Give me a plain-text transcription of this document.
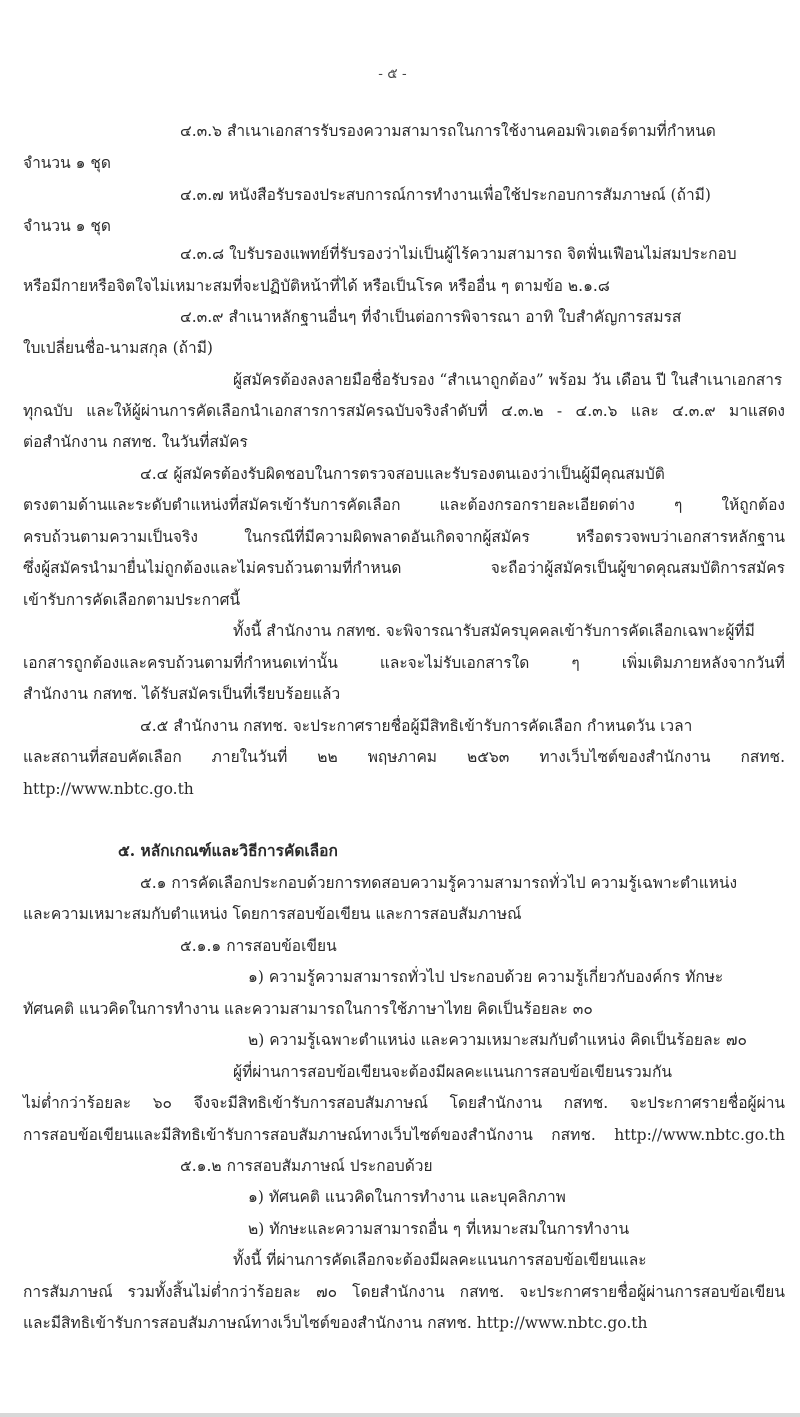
- ๕ -
๔.๓.๖ สำเนาเอกสารรับรองความสามารถในการใช้งานคอมพิวเตอร์ตามที่กำหนด
จำนวน ๑ ชุด
๔.๓.๗ หนังสือรับรองประสบการณ์การทำงานเพื่อใช้ประกอบการสัมภาษณ์ (ถ้ามี)
จำนวน ๑ ชุด
๔.๓.๘ ใบรับรองแพทย์ที่รับรองว่าไม่เป็นผู้ไร้ความสามารถ จิตฟั่นเฟือนไม่สมประกอบ
หรือมีกายหรือจิตใจไม่เหมาะสมที่จะปฏิบัติหน้าที่ได้ หรือเป็นโรค หรืออื่น ๆ ตามข้อ ๒.๑.๘
๔.๓.๙ สำเนาหลักฐานอื่นๆ ที่จำเป็นต่อการพิจารณา อาทิ ใบสำคัญการสมรส
ใบเปลี่ยนชื่อ-นามสกุล (ถ้ามี)
ผู้สมัครต้องลงลายมือชื่อรับรอง “สำเนาถูกต้อง” พร้อม วัน เดือน ปี ในสำเนาเอกสาร
ทุกฉบับ และให้ผู้ผ่านการคัดเลือกนำเอกสารการสมัครฉบับจริงลำดับที่ ๔.๓.๒ - ๔.๓.๖ และ ๔.๓.๙ มาแสดง
ต่อสำนักงาน กสทช. ในวันที่สมัคร
๔.๔ ผู้สมัครต้องรับผิดชอบในการตรวจสอบและรับรองตนเองว่าเป็นผู้มีคุณสมบัติ
ตรงตามด้านและระดับตำแหน่งที่สมัครเข้ารับการคัดเลือก และต้องกรอกรายละเอียดต่าง ๆ ให้ถูกต้อง
ครบถ้วนตามความเป็นจริง ในกรณีที่มีความผิดพลาดอันเกิดจากผู้สมัคร หรือตรวจพบว่าเอกสารหลักฐาน
ซึ่งผู้สมัครนำมายื่นไม่ถูกต้องและไม่ครบถ้วนตามที่กำหนด จะถือว่าผู้สมัครเป็นผู้ขาดคุณสมบัติการสมัคร
เข้ารับการคัดเลือกตามประกาศนี้
ทั้งนี้ สำนักงาน กสทช. จะพิจารณารับสมัครบุคคลเข้ารับการคัดเลือกเฉพาะผู้ที่มี
เอกสารถูกต้องและครบถ้วนตามที่กำหนดเท่านั้น และจะไม่รับเอกสารใด ๆ เพิ่มเติมภายหลังจากวันที่
สำนักงาน กสทช. ได้รับสมัครเป็นที่เรียบร้อยแล้ว
๔.๕ สำนักงาน กสทช. จะประกาศรายชื่อผู้มีสิทธิเข้ารับการคัดเลือก กำหนดวัน เวลา
และสถานที่สอบคัดเลือก ภายในวันที่ ๒๒ พฤษภาคม ๒๕๖๓ ทางเว็บไซต์ของสำนักงาน กสทช.
http://www.nbtc.go.th
๕. หลักเกณฑ์และวิธีการคัดเลือก
๕.๑ การคัดเลือกประกอบด้วยการทดสอบความรู้ความสามารถทั่วไป ความรู้เฉพาะตำแหน่ง
และความเหมาะสมกับตำแหน่ง โดยการสอบข้อเขียน และการสอบสัมภาษณ์
๕.๑.๑ การสอบข้อเขียน
๑) ความรู้ความสามารถทั่วไป ประกอบด้วย ความรู้เกี่ยวกับองค์กร ทักษะ
ทัศนคติ แนวคิดในการทำงาน และความสามารถในการใช้ภาษาไทย คิดเป็นร้อยละ ๓๐
๒) ความรู้เฉพาะตำแหน่ง และความเหมาะสมกับตำแหน่ง คิดเป็นร้อยละ ๗๐
ผู้ที่ผ่านการสอบข้อเขียนจะต้องมีผลคะแนนการสอบข้อเขียนรวมกัน
ไม่ต่ำกว่าร้อยละ ๖๐ จึงจะมีสิทธิเข้ารับการสอบสัมภาษณ์ โดยสำนักงาน กสทช. จะประกาศรายชื่อผู้ผ่าน
การสอบข้อเขียนและมีสิทธิเข้ารับการสอบสัมภาษณ์ทางเว็บไซต์ของสำนักงาน กสทช. http://www.nbtc.go.th
๕.๑.๒ การสอบสัมภาษณ์ ประกอบด้วย
๑) ทัศนคติ แนวคิดในการทำงาน และบุคลิกภาพ
๒) ทักษะและความสามารถอื่น ๆ ที่เหมาะสมในการทำงาน
ทั้งนี้ ที่ผ่านการคัดเลือกจะต้องมีผลคะแนนการสอบข้อเขียนและ
การสัมภาษณ์ รวมทั้งสิ้นไม่ต่ำกว่าร้อยละ ๗๐ โดยสำนักงาน กสทช. จะประกาศรายชื่อผู้ผ่านการสอบข้อเขียน
และมีสิทธิเข้ารับการสอบสัมภาษณ์ทางเว็บไซต์ของสำนักงาน กสทช. http://www.nbtc.go.th
